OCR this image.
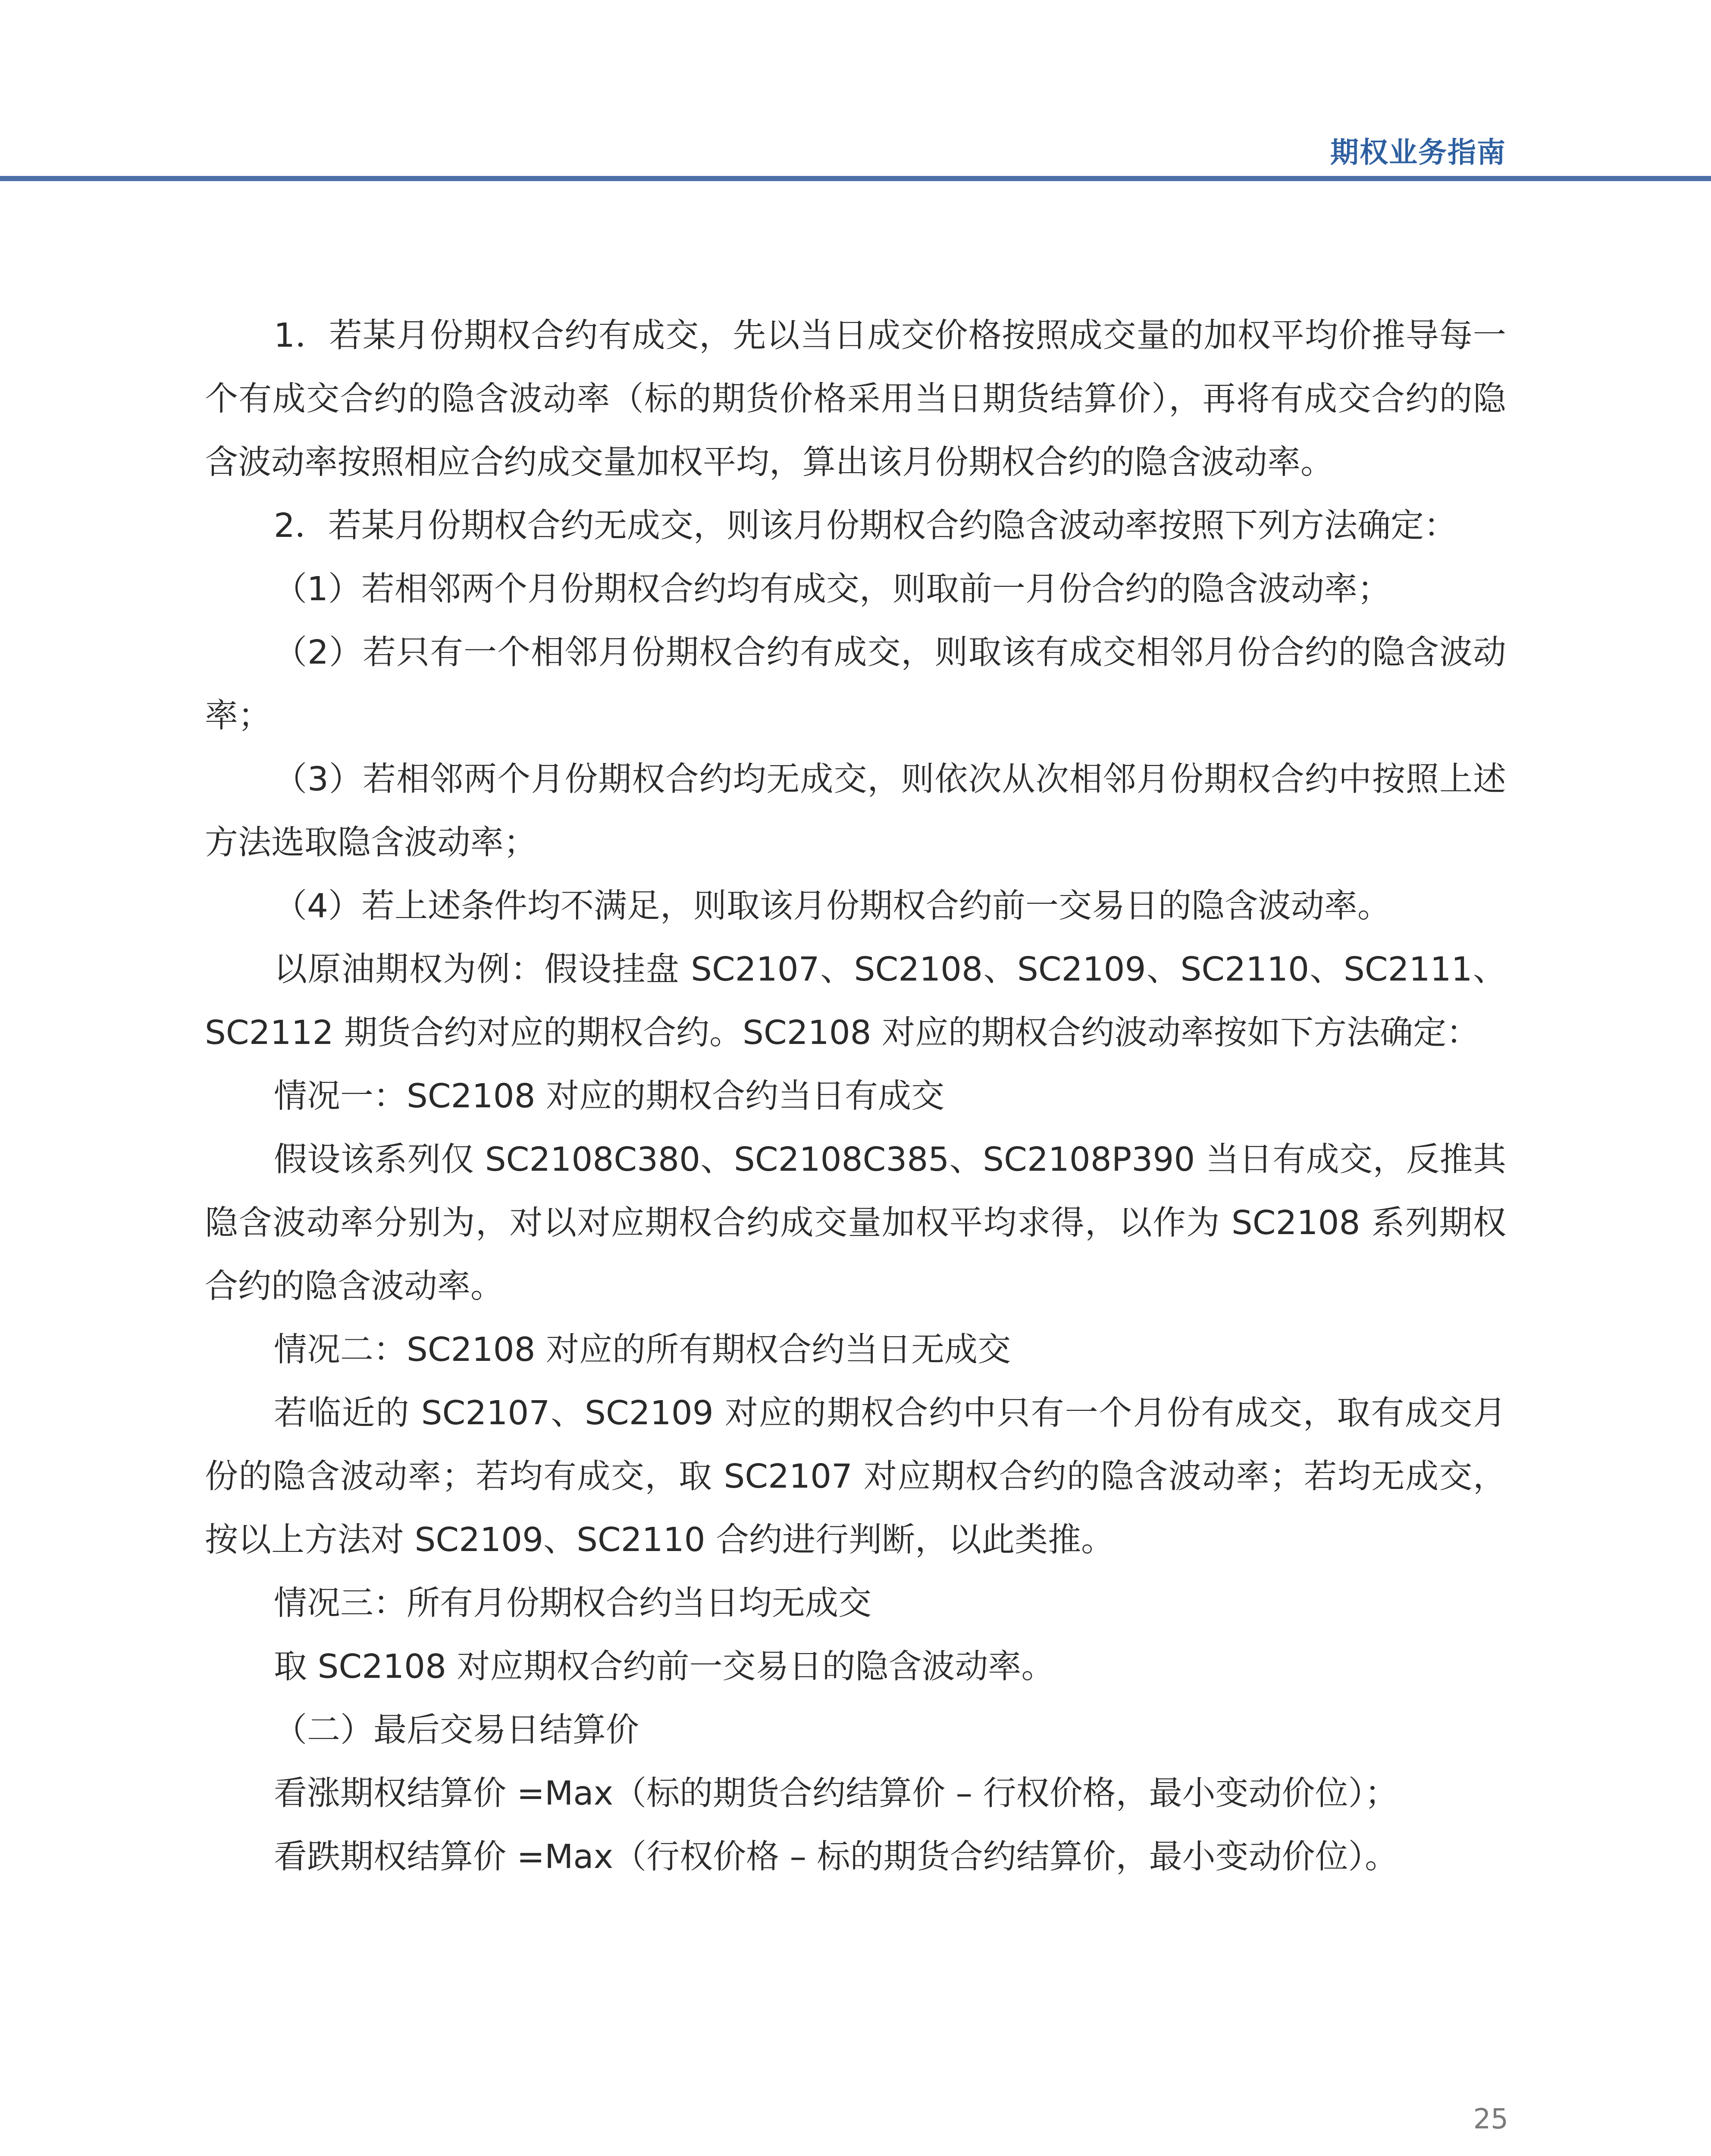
期权业务指南

1．若某月份期权合约有成交，先以当日成交价格按照成交量的加权平均价推导每一个有成交合约的隐含波动率（标的期货价格采用当日期货结算价），再将有成交合约的隐含波动率按照相应合约成交量加权平均，算出该月份期权合约的隐含波动率。

2．若某月份期权合约无成交，则该月份期权合约隐含波动率按照下列方法确定：

（1）若相邻两个月份期权合约均有成交，则取前一月份合约的隐含波动率；

（2）若只有一个相邻月份期权合约有成交，则取该有成交相邻月份合约的隐含波动率；

（3）若相邻两个月份期权合约均无成交，则依次从次相邻月份期权合约中按照上述方法选取隐含波动率；

（4）若上述条件均不满足，则取该月份期权合约前一交易日的隐含波动率。

以原油期权为例：假设挂盘 SC2107、SC2108、SC2109、SC2110、SC2111、SC2112 期货合约对应的期权合约。SC2108 对应的期权合约波动率按如下方法确定：

情况一：SC2108 对应的期权合约当日有成交

假设该系列仅 SC2108C380、SC2108C385、SC2108P390 当日有成交，反推其隐含波动率分别为，对以对应期权合约成交量加权平均求得，以作为 SC2108 系列期权合约的隐含波动率。

情况二：SC2108 对应的所有期权合约当日无成交

若临近的 SC2107、SC2109 对应的期权合约中只有一个月份有成交，取有成交月份的隐含波动率；若均有成交，取 SC2107 对应期权合约的隐含波动率；若均无成交，按以上方法对 SC2109、SC2110 合约进行判断，以此类推。

情况三：所有月份期权合约当日均无成交

取 SC2108 对应期权合约前一交易日的隐含波动率。

（二）最后交易日结算价

看涨期权结算价 =Max（标的期货合约结算价 – 行权价格，最小变动价位）；

看跌期权结算价 =Max（行权价格 – 标的期货合约结算价，最小变动价位）。

25
